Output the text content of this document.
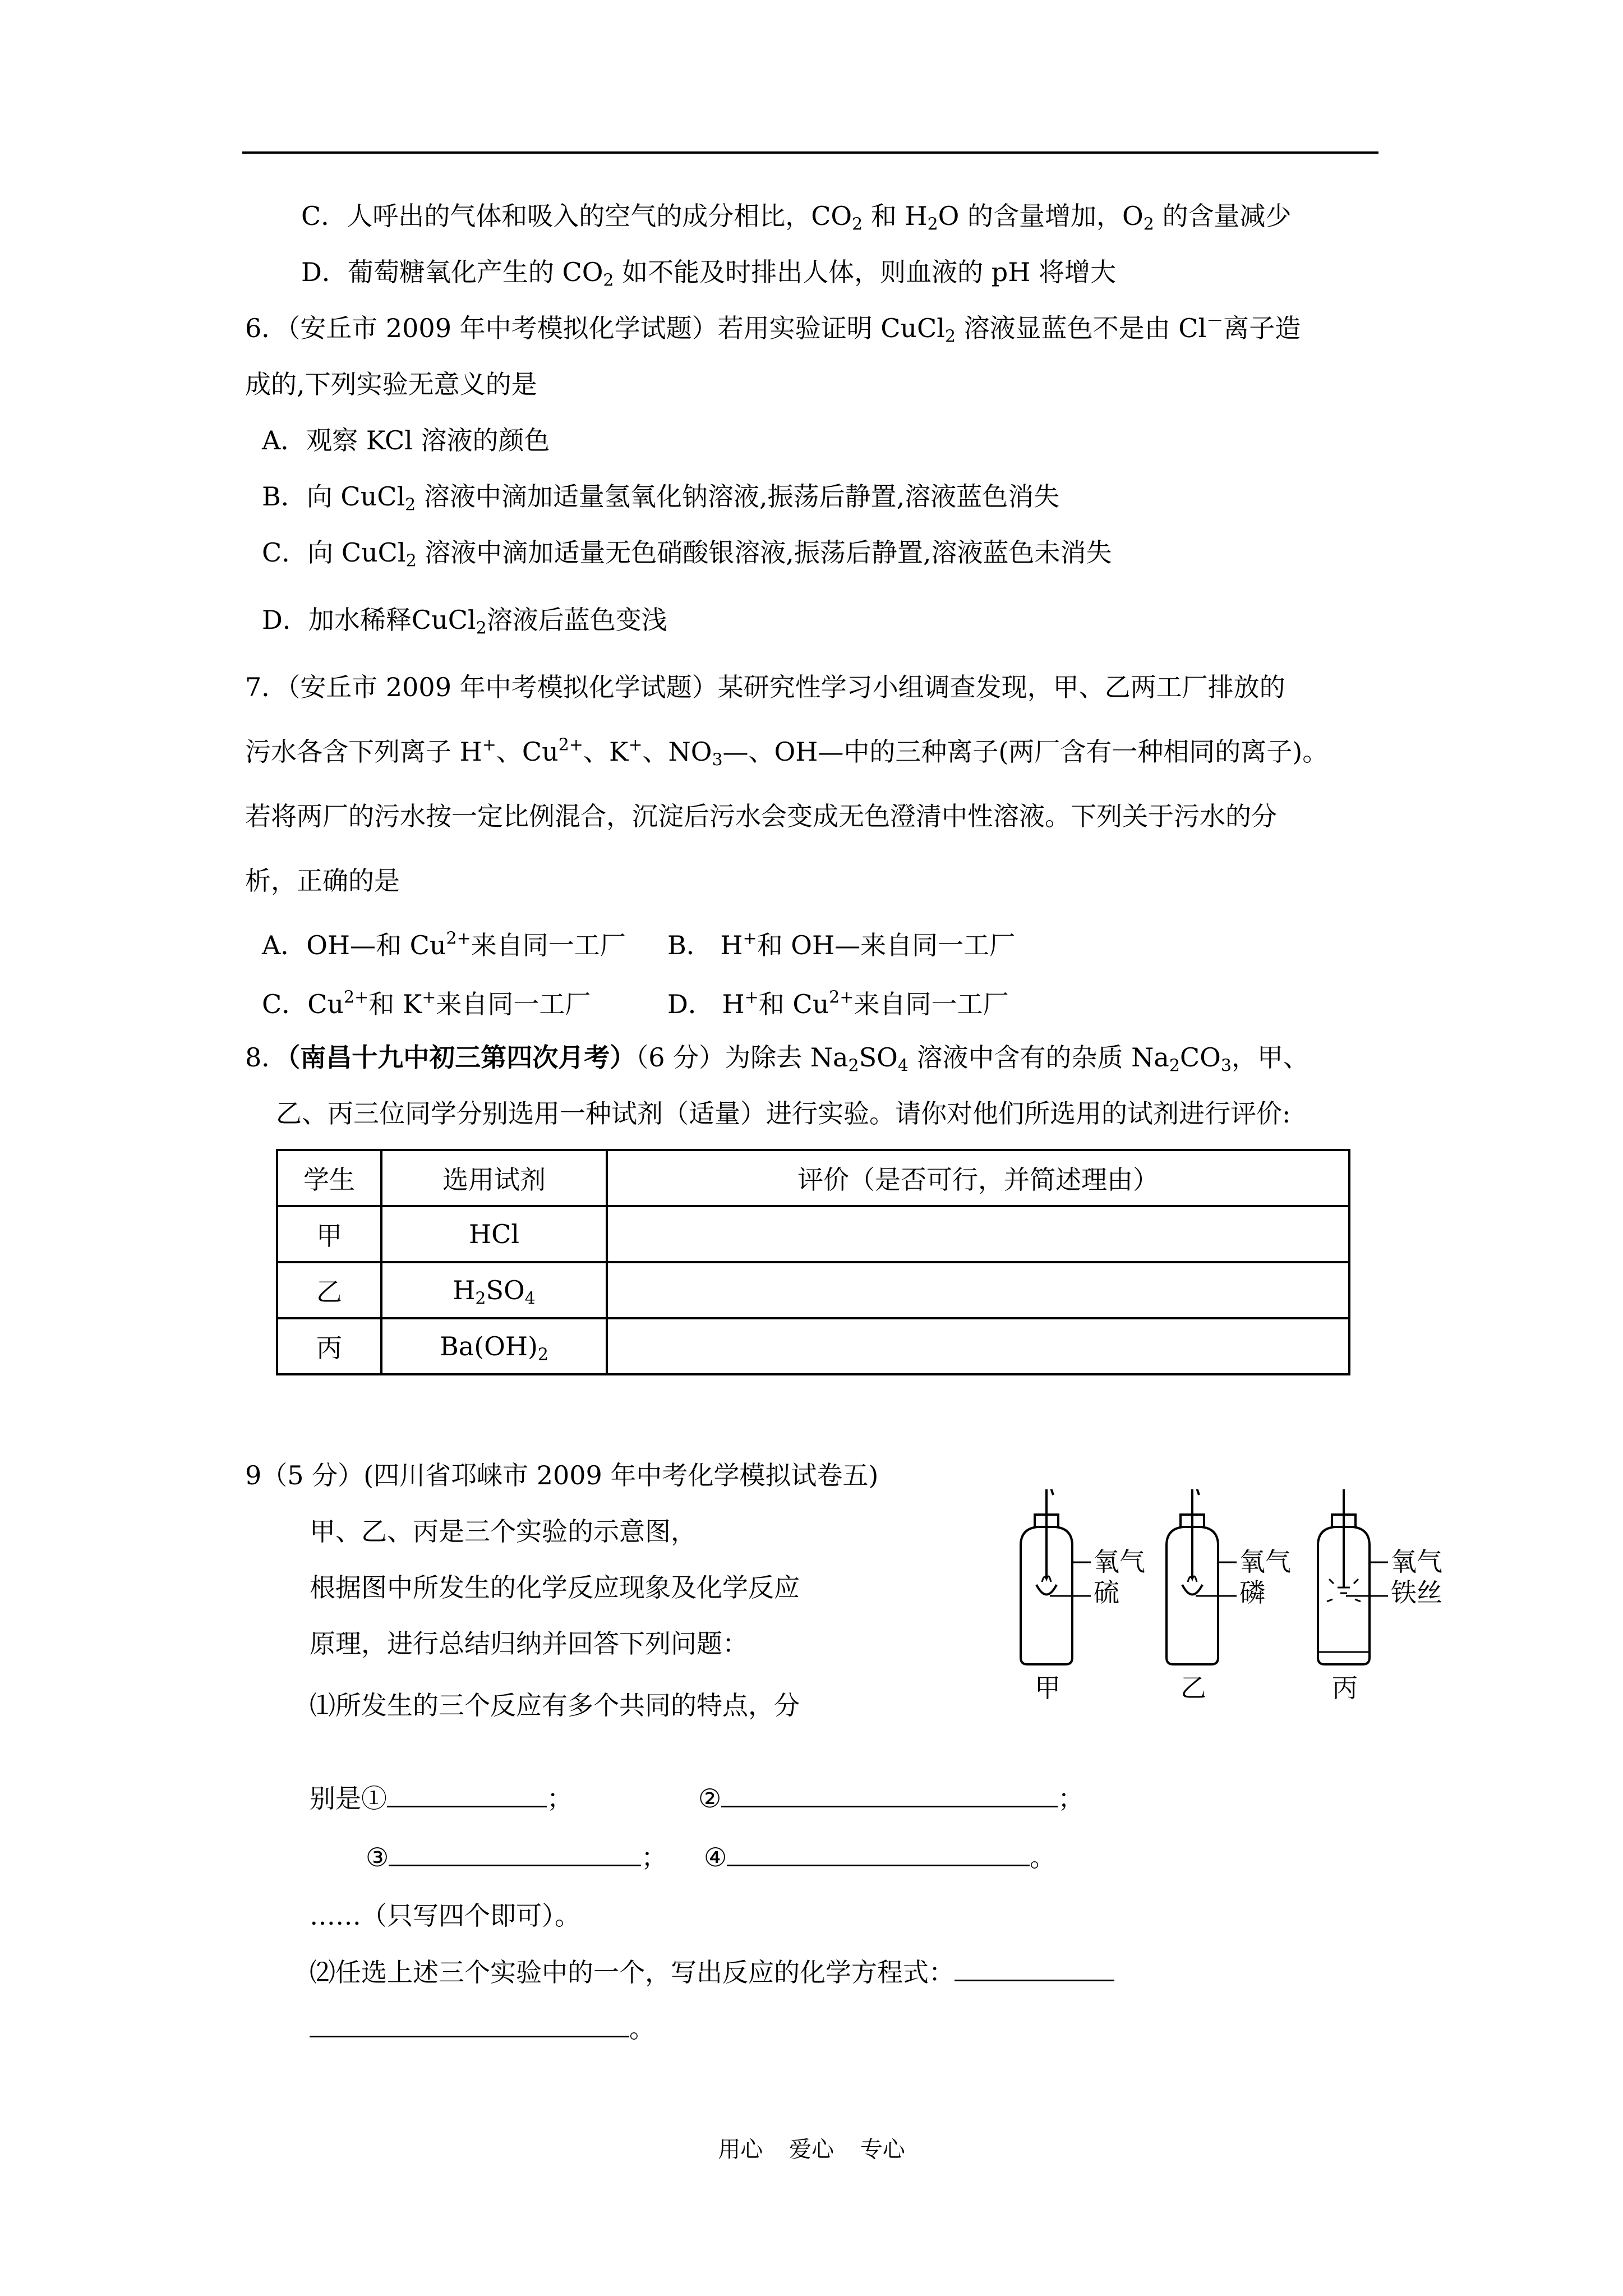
C．人呼出的气体和吸入的空气的成分相比，$CO_2$ 和 $H_2O$ 的含量增加，$O_2$ 的含量减少
D．葡萄糖氧化产生的 $CO_2$ 如不能及时排出人体，则血液的 pH 将增大
6．（安丘市 2009 年中考模拟化学试题）若用实验证明 CuCl$_2$ 溶液显蓝色不是由 Cl－离子造
成的,下列实验无意义的是
A．观察 KCl 溶液的颜色
B．向 CuCl$_2$ 溶液中滴加适量氢氧化钠溶液,振荡后静置,溶液蓝色消失
C．向 CuCl$_2$ 溶液中滴加适量无色硝酸银溶液,振荡后静置,溶液蓝色未消失
D．加水稀释CuCl$_2$溶液后蓝色变浅
7．（安丘市 2009 年中考模拟化学试题）某研究性学习小组调查发现，甲、乙两工厂排放的
污水各含下列离子 H+、$Cu^{2+}$、K+、$NO_3—$、OH—中的三种离子(两厂含有一种相同的离子)。
若将两厂的污水按一定比例混合，沉淀后污水会变成无色澄清中性溶液。下列关于污水的分
析，正确的是
A．OH—和 $Cu^{2+}$来自同一工厂 B． H+和 OH—来自同一工厂
C．$Cu^{2+}$和 K+来自同一工厂	D． H+和 $Cu^{2+}$来自同一工厂
8．（南昌十九中初三第四次月考）（6 分）为除去 $Na_2SO_4$ 溶液中含有的杂质 $Na_2CO_3$，甲、
乙、丙三位同学分别选用一种试剂（适量）进行实验。请你对他们所选用的试剂进行评价:
学生	选用试剂	评价（是否可行，并简述理由）
甲	HCl	
乙	$H_2SO_4$	
丙	$Ba(OH)_2$	
9（5 分）(四川省邛崃市 2009 年中考化学模拟试卷五)
甲、乙、丙是三个实验的示意图，
根据图中所发生的化学反应现象及化学反应
原理，进行总结归纳并回答下列问题：
⑴所发生的三个反应有多个共同的特点，分
别是①	；	②	；
③	； ④	。
……（只写四个即可）。
⑵任选上述三个实验中的一个，写出反应的化学方程式：
。
氧气
硫
甲
氧气
磷
乙
氧气
铁丝
丙
用心 爱心 专心
